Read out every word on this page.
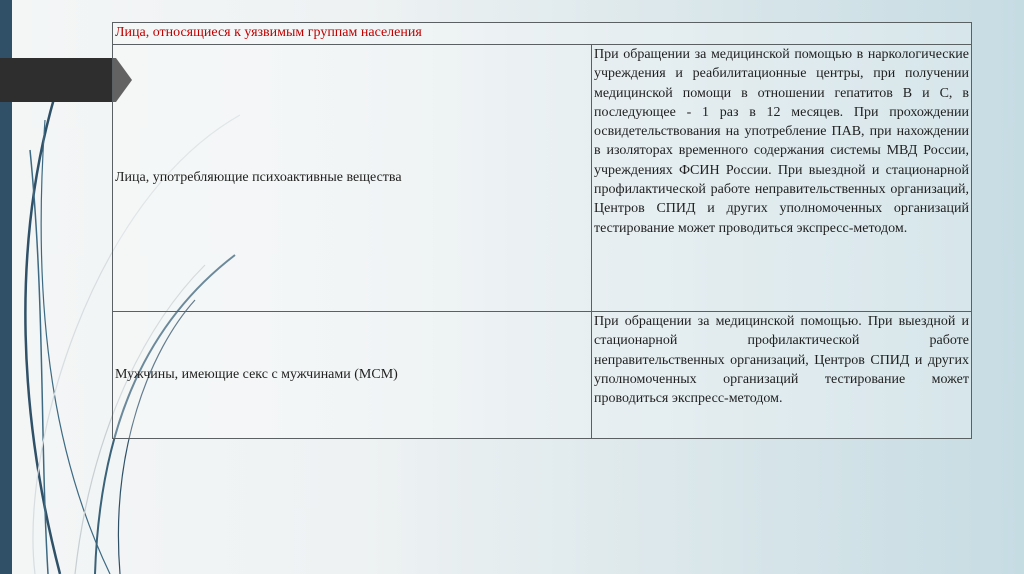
Лица, относящиеся к уязвимым группам населения	
Лица, употребляющие психоактивные вещества	При обращении за медицинской помощью в наркологические учреждения и реабилитационные центры, при получении медицинской помощи в отношении гепатитов В и С, в последующее - 1 раз в 12 месяцев. При прохождении освидетельствования на употребление ПАВ, при нахождении в изоляторах временного содержания системы МВД России, учреждениях ФСИН России. При выездной и стационарной профилактической работе неправительственных организаций, Центров СПИД и других уполномоченных организаций тестирование может проводиться экспресс-методом.
Мужчины, имеющие секс с мужчинами (МСМ)	При обращении за медицинской помощью. При выездной и стационарной профилактической работе неправительственных организаций, Центров СПИД и других уполномоченных организаций тестирование может проводиться экспресс-методом.
